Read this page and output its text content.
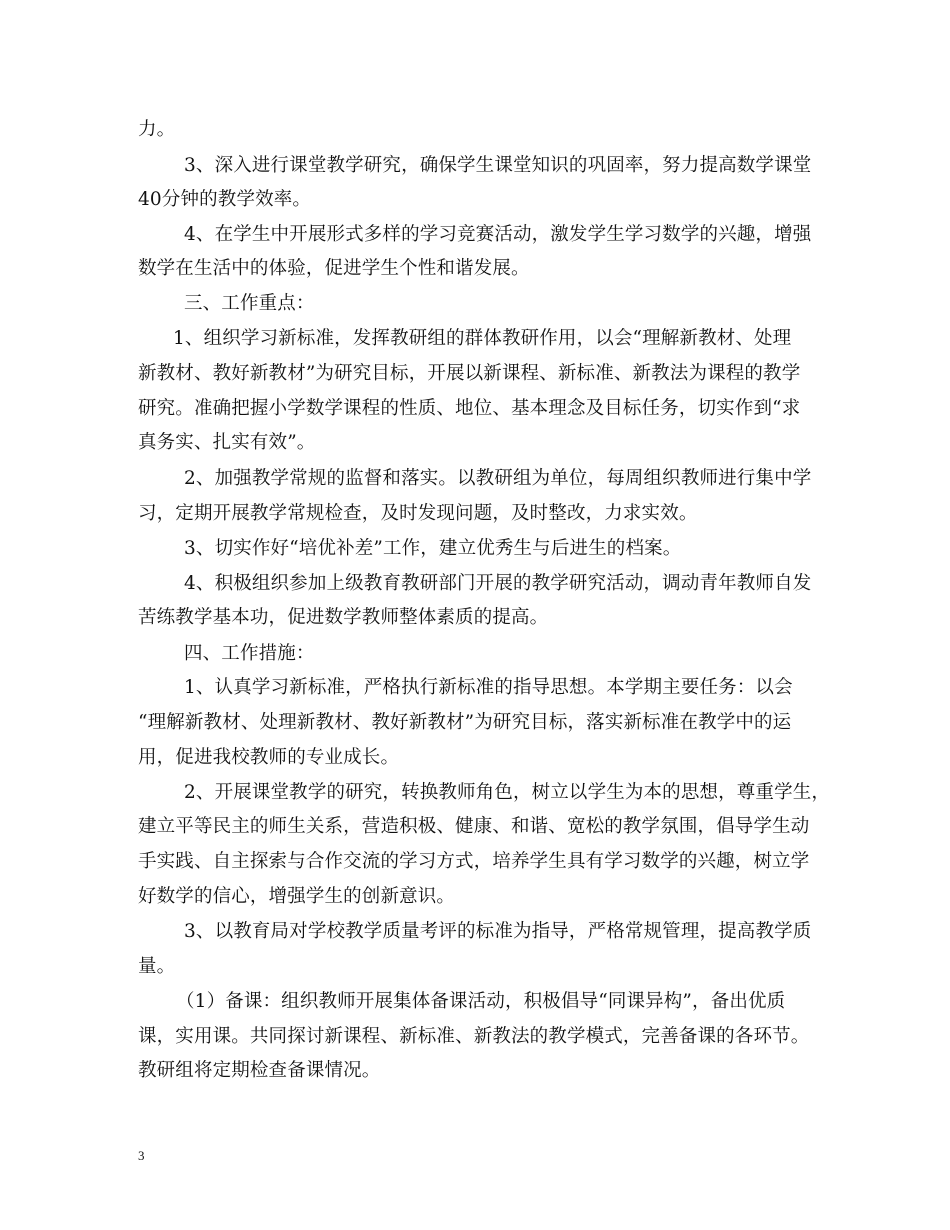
力。
3、深入进行课堂教学研究，确保学生课堂知识的巩固率，努力提高数学课堂
40分钟的教学效率。
4、在学生中开展形式多样的学习竞赛活动，激发学生学习数学的兴趣，增强
数学在生活中的体验，促进学生个性和谐发展。
三、工作重点：
1、组织学习新标准，发挥教研组的群体教研作用，以会“理解新教材、处理
新教材、教好新教材”为研究目标，开展以新课程、新标准、新教法为课程的教学
研究。准确把握小学数学课程的性质、地位、基本理念及目标任务，切实作到“求
真务实、扎实有效”。
2、加强教学常规的监督和落实。以教研组为单位，每周组织教师进行集中学
习，定期开展教学常规检查，及时发现问题，及时整改，力求实效。
3、切实作好“培优补差”工作，建立优秀生与后进生的档案。
4、积极组织参加上级教育教研部门开展的教学研究活动，调动青年教师自发
苦练教学基本功，促进数学教师整体素质的提高。
四、工作措施：
1、认真学习新标准，严格执行新标准的指导思想。本学期主要任务：以会
“理解新教材、处理新教材、教好新教材”为研究目标，落实新标准在教学中的运
用，促进我校教师的专业成长。
2、开展课堂教学的研究，转换教师角色，树立以学生为本的思想，尊重学生，
建立平等民主的师生关系，营造积极、健康、和谐、宽松的教学氛围，倡导学生动
手实践、自主探索与合作交流的学习方式，培养学生具有学习数学的兴趣，树立学
好数学的信心，增强学生的创新意识。
3、以教育局对学校教学质量考评的标准为指导，严格常规管理，提高教学质
量。
（1）备课：组织教师开展集体备课活动，积极倡导“同课异构”，备出优质
课，实用课。共同探讨新课程、新标准、新教法的教学模式，完善备课的各环节。
教研组将定期检查备课情况。
3
